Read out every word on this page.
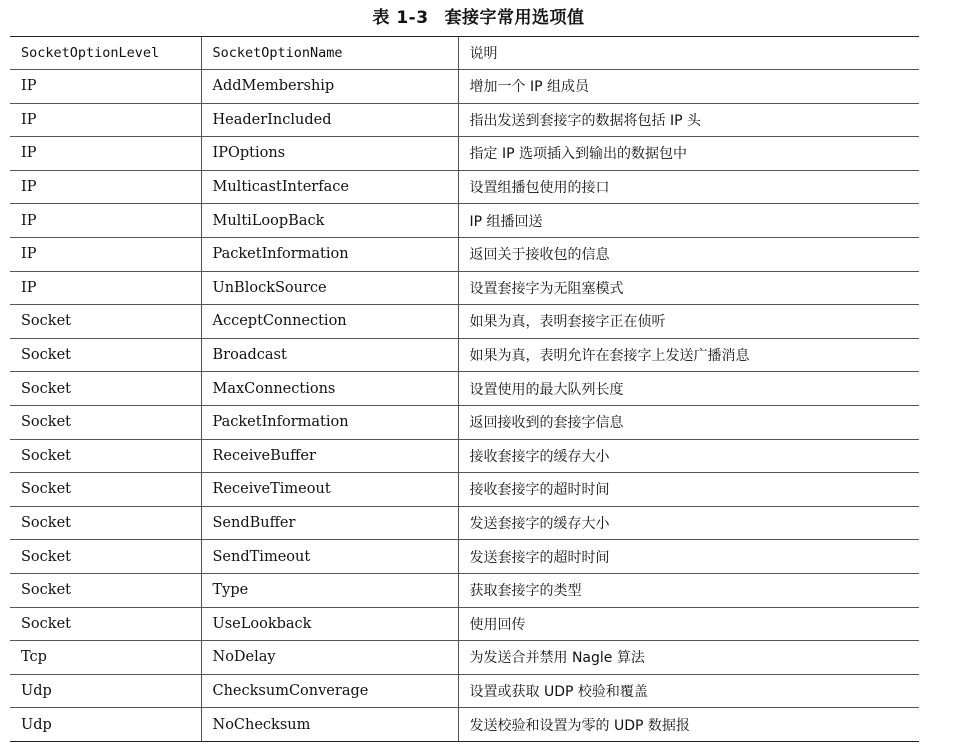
表 1-3 套接字常用选项值
SocketOptionLevel	SocketOptionName	说明
IP	AddMembership	增加一个 IP 组成员
IP	HeaderIncluded	指出发送到套接字的数据将包括 IP 头
IP	IPOptions	指定 IP 选项插入到输出的数据包中
IP	MulticastInterface	设置组播包使用的接口
IP	MultiLoopBack	IP 组播回送
IP	PacketInformation	返回关于接收包的信息
IP	UnBlockSource	设置套接字为无阻塞模式
Socket	AcceptConnection	如果为真，表明套接字正在侦听
Socket	Broadcast	如果为真，表明允许在套接字上发送广播消息
Socket	MaxConnections	设置使用的最大队列长度
Socket	PacketInformation	返回接收到的套接字信息
Socket	ReceiveBuffer	接收套接字的缓存大小
Socket	ReceiveTimeout	接收套接字的超时时间
Socket	SendBuffer	发送套接字的缓存大小
Socket	SendTimeout	发送套接字的超时时间
Socket	Type	获取套接字的类型
Socket	UseLookback	使用回传
Tcp	NoDelay	为发送合并禁用 Nagle 算法
Udp	ChecksumConverage	设置或获取 UDP 校验和覆盖
Udp	NoChecksum	发送校验和设置为零的 UDP 数据报
